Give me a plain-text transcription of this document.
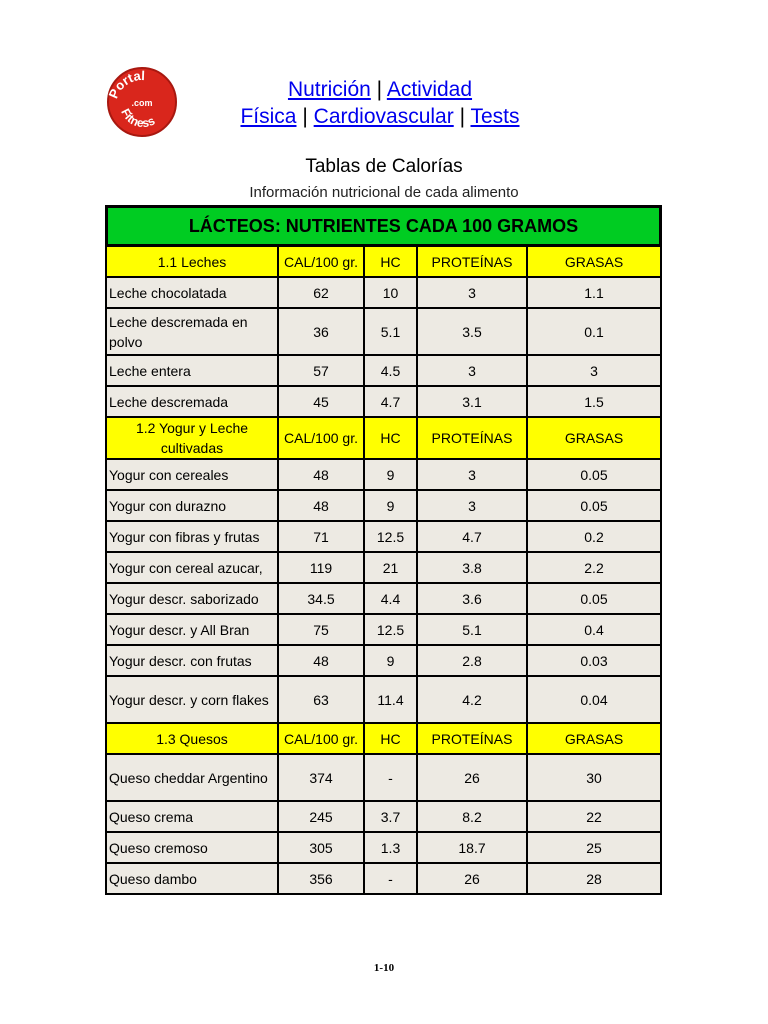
Portal
.com
Fitness
Nutrición | Actividad
Física | Cardiovascular | Tests
Tablas de Calorías
Información nutricional de cada alimento
LÁCTEOS: NUTRIENTES CADA 100 GRAMOS				
1.1 Leches	CAL/100 gr.	HC	PROTEÍNAS	GRASAS
Leche chocolatada	62	10	3	1.1
Leche descremada en polvo	36	5.1	3.5	0.1
Leche entera	57	4.5	3	3
Leche descremada	45	4.7	3.1	1.5
1.2 Yogur y Leche cultivadas	CAL/100 gr.	HC	PROTEÍNAS	GRASAS
Yogur con cereales	48	9	3	0.05
Yogur con durazno	48	9	3	0.05
Yogur con fibras y frutas	71	12.5	4.7	0.2
Yogur con cereal azucar,	119	21	3.8	2.2
Yogur descr. saborizado	34.5	4.4	3.6	0.05
Yogur descr. y All Bran	75	12.5	5.1	0.4
Yogur descr. con frutas	48	9	2.8	0.03
Yogur descr. y corn flakes	63	11.4	4.2	0.04
1.3 Quesos	CAL/100 gr.	HC	PROTEÍNAS	GRASAS
Queso cheddar Argentino	374	-	26	30
Queso crema	245	3.7	8.2	22
Queso cremoso	305	1.3	18.7	25
Queso dambo	356	-	26	28
1-10
